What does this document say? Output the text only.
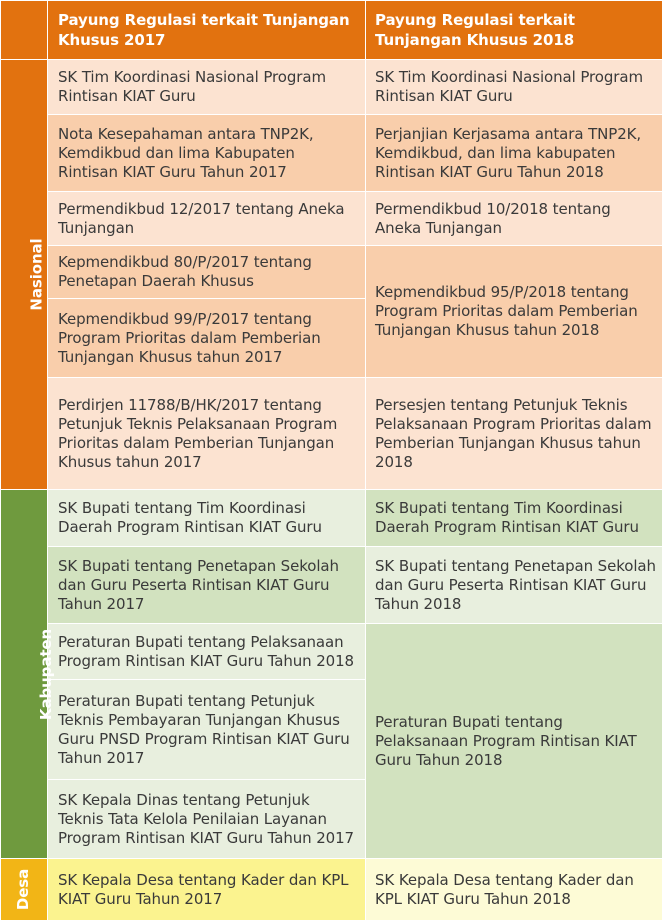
	Payung Regulasi terkait Tunjangan Khusus 2017	Payung Regulasi terkait Tunjangan Khusus 2018
Nasional	SK Tim Koordinasi Nasional Program Rintisan KIAT Guru	SK Tim Koordinasi Nasional Program Rintisan KIAT Guru
	Nota Kesepahaman antara TNP2K, Kemdikbud dan lima Kabupaten Rintisan KIAT Guru Tahun 2017	Perjanjian Kerjasama antara TNP2K, Kemdikbud, dan lima kabupaten Rintisan KIAT Guru Tahun 2018
	Permendikbud 12/2017 tentang Aneka Tunjangan	Permendikbud 10/2018 tentang Aneka Tunjangan
	Kepmendikbud 80/P/2017 tentang Penetapan Daerah Khusus	Kepmendikbud 95/P/2018 tentang Program Prioritas dalam Pemberian Tunjangan Khusus tahun 2018
	Kepmendikbud 99/P/2017 tentang Program Prioritas dalam Pemberian Tunjangan Khusus tahun 2017	
	Perdirjen 11788/B/HK/2017 tentang Petunjuk Teknis Pelaksanaan Program Prioritas dalam Pemberian Tunjangan Khusus tahun 2017	Persesjen tentang Petunjuk Teknis Pelaksanaan Program Prioritas dalam Pemberian Tunjangan Khusus tahun 2018

Kabupaten	SK Bupati tentang Tim Koordinasi Daerah Program Rintisan KIAT Guru	SK Bupati tentang Tim Koordinasi Daerah Program Rintisan KIAT Guru
	SK Bupati tentang Penetapan Sekolah dan Guru Peserta Rintisan KIAT Guru Tahun 2017	SK Bupati tentang Penetapan Sekolah dan Guru Peserta Rintisan KIAT Guru Tahun 2018
	Peraturan Bupati tentang Pelaksanaan Program Rintisan KIAT Guru Tahun 2018	Peraturan Bupati tentang Pelaksanaan Program Rintisan KIAT Guru Tahun 2018
	Peraturan Bupati tentang Petunjuk Teknis Pembayaran Tunjangan Khusus Guru PNSD Program Rintisan KIAT Guru Tahun 2017	
	SK Kepala Dinas tentang Petunjuk Teknis Tata Kelola Penilaian Layanan Program Rintisan KIAT Guru Tahun 2017	
Desa	SK Kepala Desa tentang Kader dan KPL KIAT Guru Tahun 2017	SK Kepala Desa tentang Kader dan KPL KIAT Guru Tahun 2018
